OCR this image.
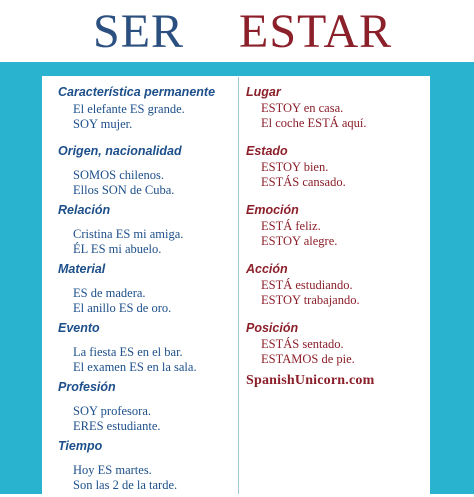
SER ESTAR
Característica permanente
El elefante ES grande.
SOY mujer.
Origen, nacionalidad
SOMOS chilenos.
Ellos SON de Cuba.
Relación
Cristina ES mi amiga.
ÉL ES mi abuelo.
Material
ES de madera.
El anillo ES de oro.
Evento
La fiesta ES en el bar.
El examen ES en la sala.
Profesión
SOY profesora.
ERES estudiante.
Tiempo
Hoy ES martes.
Son las 2 de la tarde.
Lugar
ESTOY en casa.
El coche ESTÁ aquí.
Estado
ESTOY bien.
ESTÁS cansado.
Emoción
ESTÁ feliz.
ESTOY alegre.
Acción
ESTÁ estudiando.
ESTOY trabajando.
Posición
ESTÁS sentado.
ESTAMOS de pie.
SpanishUnicorn.com
